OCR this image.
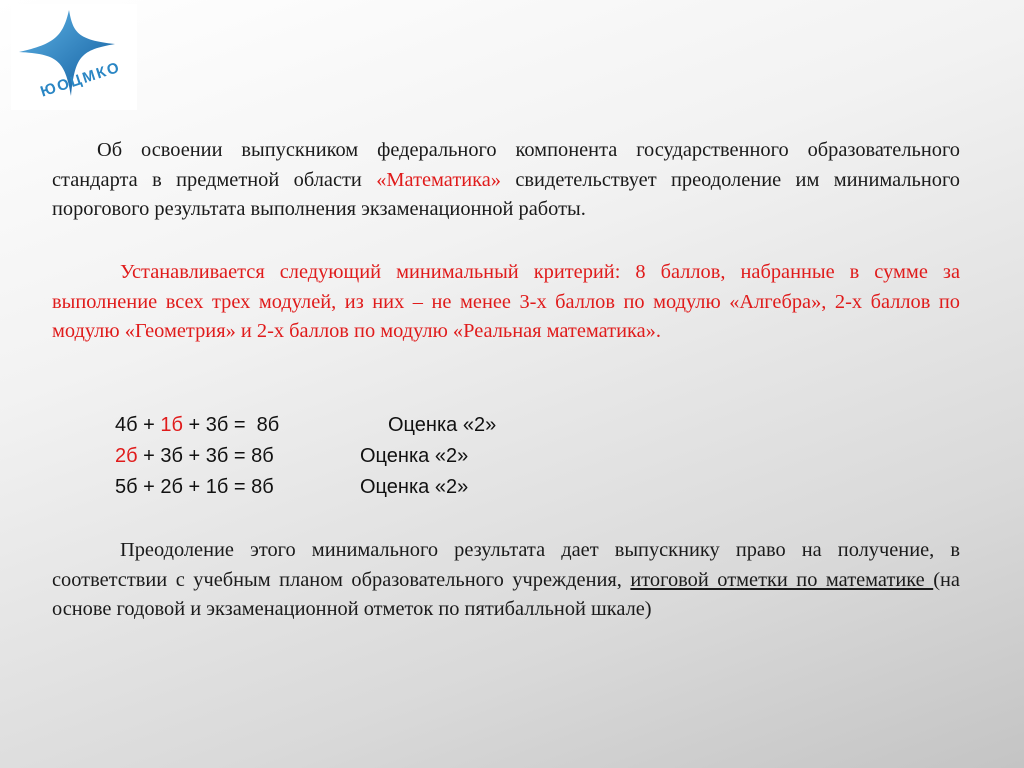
ЮОЦМКО
Об освоении выпускником федерального компонента государственного образовательного стандарта в предметной области «Математика» свидетельствует преодоление им минимального порогового результата выполнения экзаменационной работы.
Устанавливается следующий минимальный критерий: 8 баллов, набранные в сумме за выполнение всех трех модулей, из них – не менее 3-х баллов по модулю «Алгебра», 2-х баллов по модулю «Геометрия» и 2-х баллов по модулю «Реальная математика».
4б + 1б + 3б =  8б	Оценка «2»
2б + 3б + 3б = 8б	Оценка «2»
5б + 2б + 1б = 8б	Оценка «2»
Преодоление этого минимального результата дает выпускнику право на получение, в соответствии с учебным планом образовательного учреждения, итоговой отметки по математике (на основе годовой и экзаменационной отметок по пятибалльной шкале)
